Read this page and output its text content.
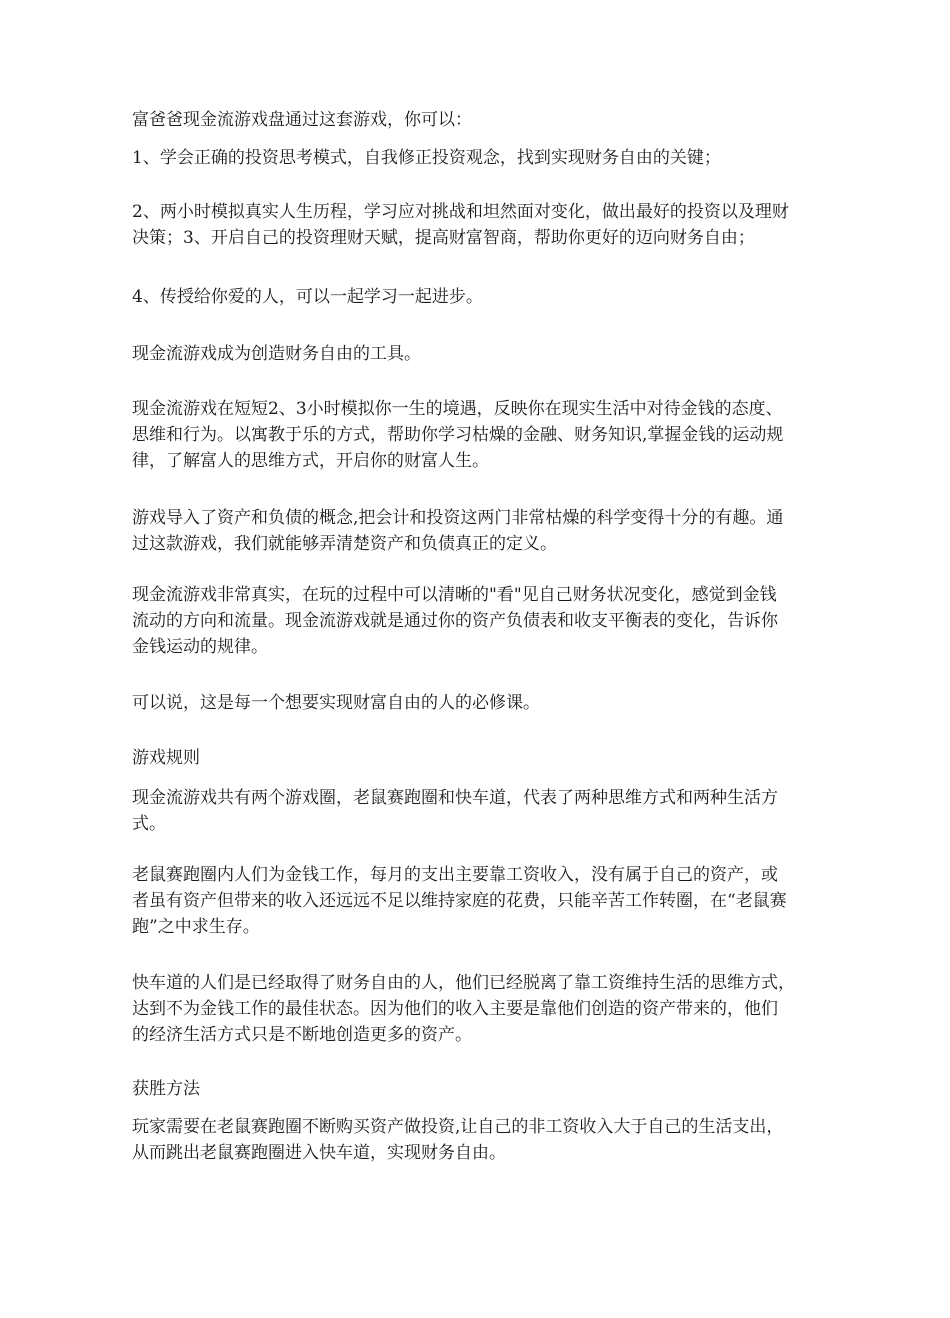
富爸爸现金流游戏盘通过这套游戏，你可以：

1、学会正确的投资思考模式，自我修正投资观念，找到实现财务自由的关键；

2、两小时模拟真实人生历程，学习应对挑战和坦然面对变化，做出最好的投资以及理财
决策；3、开启自己的投资理财天赋，提高财富智商，帮助你更好的迈向财务自由；

4、传授给你爱的人，可以一起学习一起进步。

现金流游戏成为创造财务自由的工具。

现金流游戏在短短2、3小时模拟你一生的境遇，反映你在现实生活中对待金钱的态度、
思维和行为。以寓教于乐的方式，帮助你学习枯燥的金融、财务知识,掌握金钱的运动规
律，了解富人的思维方式，开启你的财富人生。

游戏导入了资产和负债的概念,把会计和投资这两门非常枯燥的科学变得十分的有趣。通
过这款游戏，我们就能够弄清楚资产和负债真正的定义。

现金流游戏非常真实，在玩的过程中可以清晰的"看"见自己财务状况变化，感觉到金钱
流动的方向和流量。现金流游戏就是通过你的资产负债表和收支平衡表的变化，告诉你
金钱运动的规律。

可以说，这是每一个想要实现财富自由的人的必修课。

游戏规则

现金流游戏共有两个游戏圈，老鼠赛跑圈和快车道，代表了两种思维方式和两种生活方
式。

老鼠赛跑圈内人们为金钱工作，每月的支出主要靠工资收入，没有属于自己的资产，或
者虽有资产但带来的收入还远远不足以维持家庭的花费，只能辛苦工作转圈，在“老鼠赛
跑”之中求生存。

快车道的人们是已经取得了财务自由的人，他们已经脱离了靠工资维持生活的思维方式，
达到不为金钱工作的最佳状态。因为他们的收入主要是靠他们创造的资产带来的，他们
的经济生活方式只是不断地创造更多的资产。

获胜方法

玩家需要在老鼠赛跑圈不断购买资产做投资,让自己的非工资收入大于自己的生活支出，
从而跳出老鼠赛跑圈进入快车道，实现财务自由。
